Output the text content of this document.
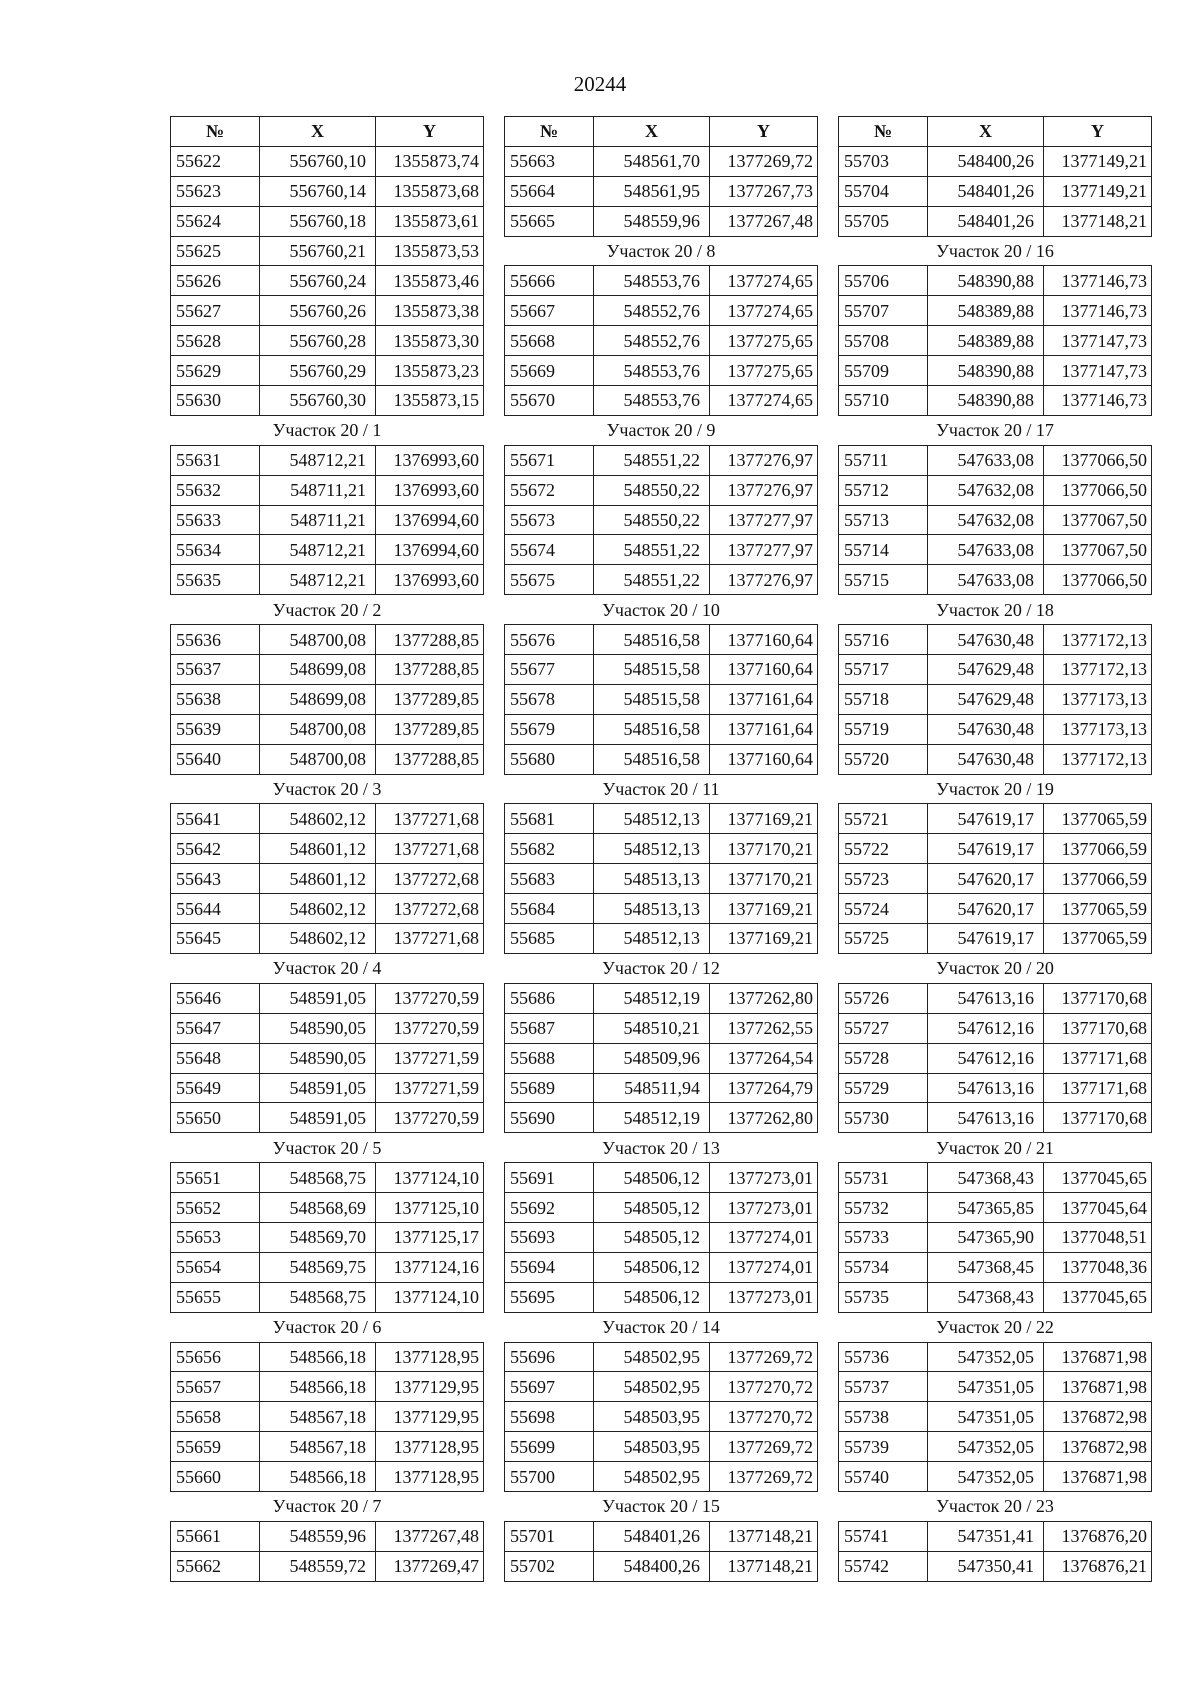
20244
№	X	Y
55622	556760,10	1355873,74
55623	556760,14	1355873,68
55624	556760,18	1355873,61
55625	556760,21	1355873,53
55626	556760,24	1355873,46
55627	556760,26	1355873,38
55628	556760,28	1355873,30
55629	556760,29	1355873,23
55630	556760,30	1355873,15
Участок 20 / 1		
55631	548712,21	1376993,60
55632	548711,21	1376993,60
55633	548711,21	1376994,60
55634	548712,21	1376994,60
55635	548712,21	1376993,60
Участок 20 / 2		
55636	548700,08	1377288,85
55637	548699,08	1377288,85
55638	548699,08	1377289,85
55639	548700,08	1377289,85
55640	548700,08	1377288,85
Участок 20 / 3		
55641	548602,12	1377271,68
55642	548601,12	1377271,68
55643	548601,12	1377272,68
55644	548602,12	1377272,68
55645	548602,12	1377271,68
Участок 20 / 4		
55646	548591,05	1377270,59
55647	548590,05	1377270,59
55648	548590,05	1377271,59
55649	548591,05	1377271,59
55650	548591,05	1377270,59
Участок 20 / 5		
55651	548568,75	1377124,10
55652	548568,69	1377125,10
55653	548569,70	1377125,17
55654	548569,75	1377124,16
55655	548568,75	1377124,10
Участок 20 / 6		
55656	548566,18	1377128,95
55657	548566,18	1377129,95
55658	548567,18	1377129,95
55659	548567,18	1377128,95
55660	548566,18	1377128,95
Участок 20 / 7		
55661	548559,96	1377267,48
55662	548559,72	1377269,47
№	X	Y
55663	548561,70	1377269,72
55664	548561,95	1377267,73
55665	548559,96	1377267,48
Участок 20 / 8		
55666	548553,76	1377274,65
55667	548552,76	1377274,65
55668	548552,76	1377275,65
55669	548553,76	1377275,65
55670	548553,76	1377274,65
Участок 20 / 9		
55671	548551,22	1377276,97
55672	548550,22	1377276,97
55673	548550,22	1377277,97
55674	548551,22	1377277,97
55675	548551,22	1377276,97
Участок 20 / 10		
55676	548516,58	1377160,64
55677	548515,58	1377160,64
55678	548515,58	1377161,64
55679	548516,58	1377161,64
55680	548516,58	1377160,64
Участок 20 / 11		
55681	548512,13	1377169,21
55682	548512,13	1377170,21
55683	548513,13	1377170,21
55684	548513,13	1377169,21
55685	548512,13	1377169,21
Участок 20 / 12		
55686	548512,19	1377262,80
55687	548510,21	1377262,55
55688	548509,96	1377264,54
55689	548511,94	1377264,79
55690	548512,19	1377262,80
Участок 20 / 13		
55691	548506,12	1377273,01
55692	548505,12	1377273,01
55693	548505,12	1377274,01
55694	548506,12	1377274,01
55695	548506,12	1377273,01
Участок 20 / 14		
55696	548502,95	1377269,72
55697	548502,95	1377270,72
55698	548503,95	1377270,72
55699	548503,95	1377269,72
55700	548502,95	1377269,72
Участок 20 / 15		
55701	548401,26	1377148,21
55702	548400,26	1377148,21
№	X	Y
55703	548400,26	1377149,21
55704	548401,26	1377149,21
55705	548401,26	1377148,21
Участок 20 / 16		
55706	548390,88	1377146,73
55707	548389,88	1377146,73
55708	548389,88	1377147,73
55709	548390,88	1377147,73
55710	548390,88	1377146,73
Участок 20 / 17		
55711	547633,08	1377066,50
55712	547632,08	1377066,50
55713	547632,08	1377067,50
55714	547633,08	1377067,50
55715	547633,08	1377066,50
Участок 20 / 18		
55716	547630,48	1377172,13
55717	547629,48	1377172,13
55718	547629,48	1377173,13
55719	547630,48	1377173,13
55720	547630,48	1377172,13
Участок 20 / 19		
55721	547619,17	1377065,59
55722	547619,17	1377066,59
55723	547620,17	1377066,59
55724	547620,17	1377065,59
55725	547619,17	1377065,59
Участок 20 / 20		
55726	547613,16	1377170,68
55727	547612,16	1377170,68
55728	547612,16	1377171,68
55729	547613,16	1377171,68
55730	547613,16	1377170,68
Участок 20 / 21		
55731	547368,43	1377045,65
55732	547365,85	1377045,64
55733	547365,90	1377048,51
55734	547368,45	1377048,36
55735	547368,43	1377045,65
Участок 20 / 22		
55736	547352,05	1376871,98
55737	547351,05	1376871,98
55738	547351,05	1376872,98
55739	547352,05	1376872,98
55740	547352,05	1376871,98
Участок 20 / 23		
55741	547351,41	1376876,20
55742	547350,41	1376876,21
